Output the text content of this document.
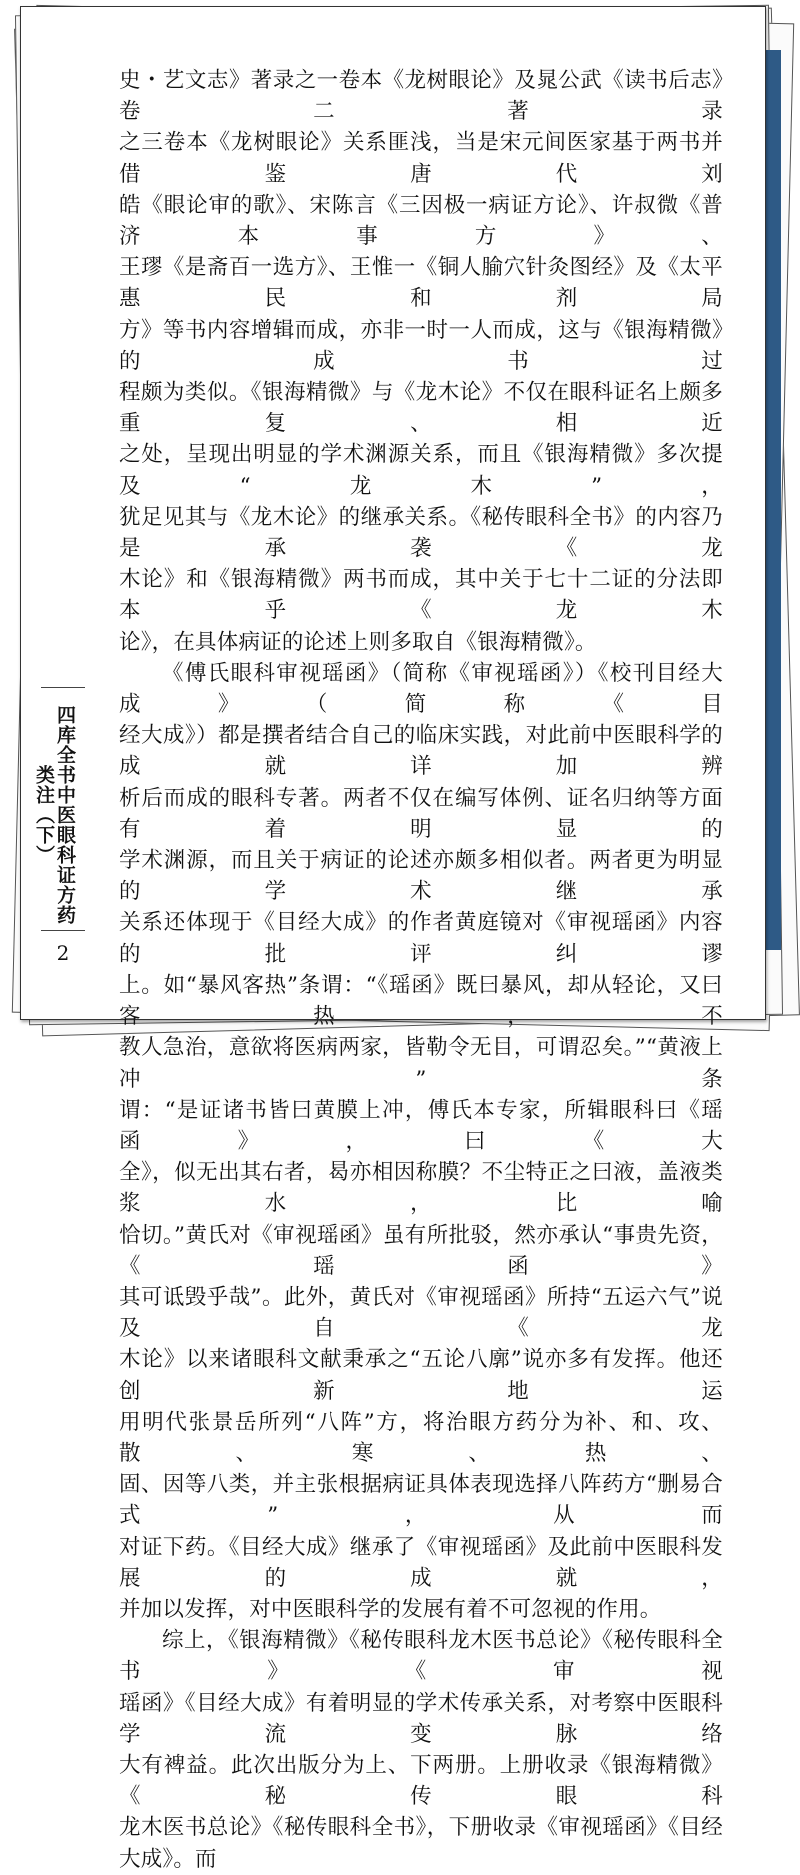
四库全书中医眼科证方药类注（下）
2

史・艺文志》著录之一卷本《龙树眼论》及晁公武《读书后志》卷二著录

之三卷本《龙树眼论》关系匪浅，当是宋元间医家基于两书并借鉴唐代刘

皓《眼论审的歌》、宋陈言《三因极一病证方论》、许叔微《普济本事方》、

王璆《是斋百一选方》、王惟一《铜人腧穴针灸图经》及《太平惠民和剂局

方》等书内容增辑而成，亦非一时一人而成，这与《银海精微》的成书过

程颇为类似。《银海精微》与《龙木论》不仅在眼科证名上颇多重复、相近

之处，呈现出明显的学术渊源关系，而且《银海精微》多次提及“龙木”，

犹足见其与《龙木论》的继承关系。《秘传眼科全书》的内容乃是承袭《龙

木论》和《银海精微》两书而成，其中关于七十二证的分法即本乎《龙木

论》，在具体病证的论述上则多取自《银海精微》。

《傅氏眼科审视瑶函》（简称《审视瑶函》）《校刊目经大成》（简称《目

经大成》）都是撰者结合自己的临床实践，对此前中医眼科学的成就详加辨

析后而成的眼科专著。两者不仅在编写体例、证名归纳等方面有着明显的

学术渊源，而且关于病证的论述亦颇多相似者。两者更为明显的学术继承

关系还体现于《目经大成》的作者黄庭镜对《审视瑶函》内容的批评纠谬

上。如“暴风客热”条谓：“《瑶函》既曰暴风，却从轻论，又曰客热，不

教人急治，意欲将医病两家，皆勒令无目，可谓忍矣。”“黄液上冲”条

谓：“是证诸书皆曰黄膜上冲，傅氏本专家，所辑眼科曰《瑶函》，曰《大

全》，似无出其右者，曷亦相因称膜？不尘特正之曰液，盖液类浆水，比喻

恰切。”黄氏对《审视瑶函》虽有所批驳，然亦承认“事贵先资，《瑶函》

其可诋毁乎哉”。此外，黄氏对《审视瑶函》所持“五运六气”说及自《龙

木论》以来诸眼科文献秉承之“五论八廓”说亦多有发挥。他还创新地运

用明代张景岳所列“八阵”方，将治眼方药分为补、和、攻、散、寒、热、

固、因等八类，并主张根据病证具体表现选择八阵药方“删易合式”，从而

对证下药。《目经大成》继承了《审视瑶函》及此前中医眼科发展的成就，

并加以发挥，对中医眼科学的发展有着不可忽视的作用。

综上，《银海精微》《秘传眼科龙木医书总论》《秘传眼科全书》《审视

瑶函》《目经大成》有着明显的学术传承关系，对考察中医眼科学流变脉络

大有裨益。此次出版分为上、下两册。上册收录《银海精微》《秘传眼科

龙木医书总论》《秘传眼科全书》，下册收录《审视瑶函》《目经大成》。而
